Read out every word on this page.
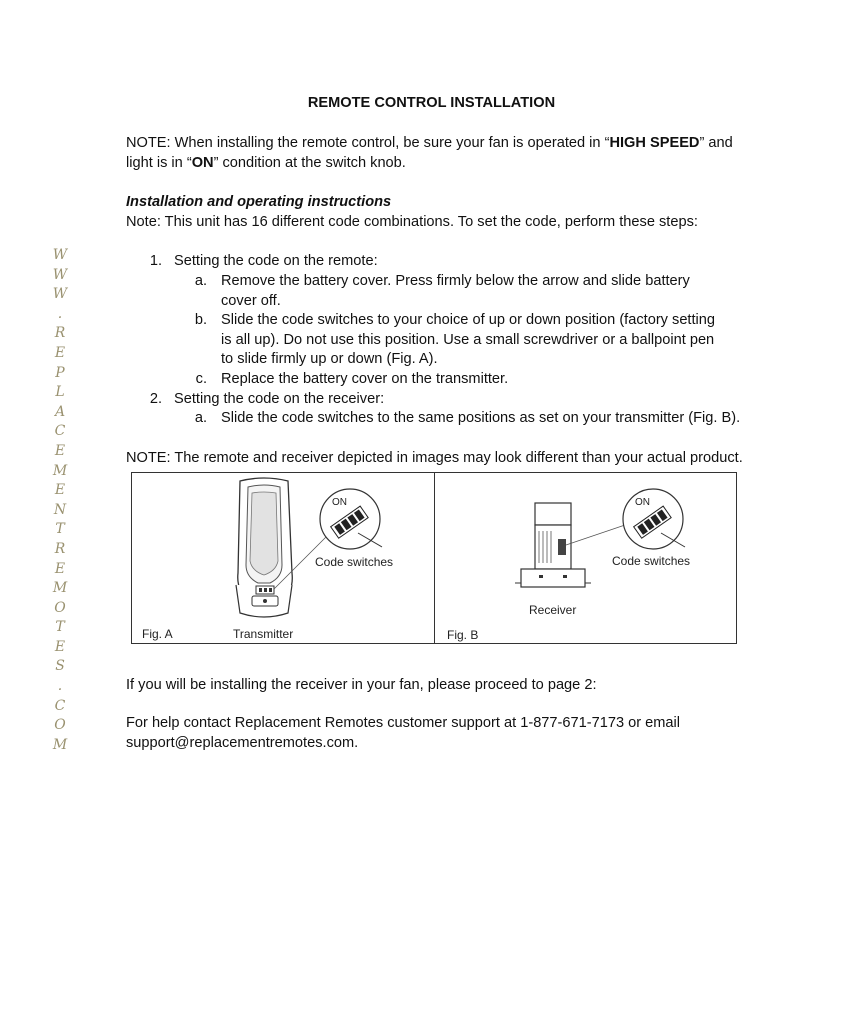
W
W
W
.
R
E
P
L
A
C
E
M
E
N
T
R
E
M
O
T
E
S
.
C
O
M
REMOTE CONTROL INSTALLATION
NOTE: When installing the remote control, be sure your fan is operated in “HIGH SPEED” and light is in “ON” condition at the switch knob.
Installation and operating instructions
Note: This unit has 16 different code combinations. To set the code, perform these steps:
1. Setting the code on the remote:
a. Remove the battery cover. Press firmly below the arrow and slide battery cover off.
b. Slide the code switches to your choice of up or down position (factory setting is all up). Do not use this position. Use a small screwdriver or a ballpoint pen to slide firmly up or down (Fig. A).
c. Replace the battery cover on the transmitter.
2. Setting the code on the receiver:
a. Slide the code switches to the same positions as set on your transmitter (Fig. B).
NOTE: The remote and receiver depicted in images may look different than your actual product.
ON
Code switches
Fig. A	Transmitter
ON
Code switches
Receiver
Fig. B
If you will be installing the receiver in your fan, please proceed to page 2:
For help contact Replacement Remotes customer support at 1-877-671-7173 or email support@replacementremotes.com.
